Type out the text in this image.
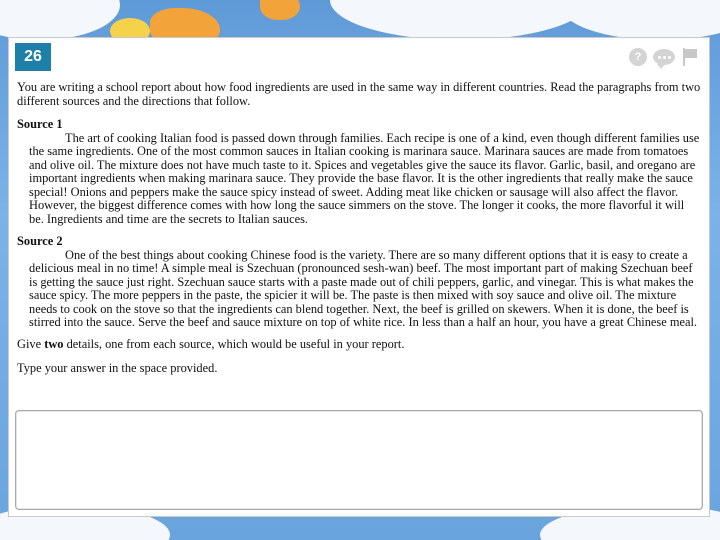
26	?

You are writing a school report about how food ingredients are used in the same way in different countries. Read the paragraphs from two different sources and the directions that follow.

Source 1

The art of cooking Italian food is passed down through families. Each recipe is one of a kind, even though different families use the same ingredients. One of the most common sauces in Italian cooking is marinara sauce. Marinara sauces are made from tomatoes and olive oil. The mixture does not have much taste to it. Spices and vegetables give the sauce its flavor. Garlic, basil, and oregano are important ingredients when making marinara sauce. They provide the base flavor. It is the other ingredients that really make the sauce special! Onions and peppers make the sauce spicy instead of sweet. Adding meat like chicken or sausage will also affect the flavor. However, the biggest difference comes with how long the sauce simmers on the stove. The longer it cooks, the more flavorful it will be. Ingredients and time are the secrets to Italian sauces.

Source 2

One of the best things about cooking Chinese food is the variety. There are so many different options that it is easy to create a delicious meal in no time! A simple meal is Szechuan (pronounced sesh-wan) beef. The most important part of making Szechuan beef is getting the sauce just right. Szechuan sauce starts with a paste made out of chili peppers, garlic, and vinegar. This is what makes the sauce spicy. The more peppers in the paste, the spicier it will be. The paste is then mixed with soy sauce and olive oil. The mixture needs to cook on the stove so that the ingredients can blend together. Next, the beef is grilled on skewers. When it is done, the beef is stirred into the sauce. Serve the beef and sauce mixture on top of white rice. In less than a half an hour, you have a great Chinese meal.

Give two details, one from each source, which would be useful in your report.

Type your answer in the space provided.
